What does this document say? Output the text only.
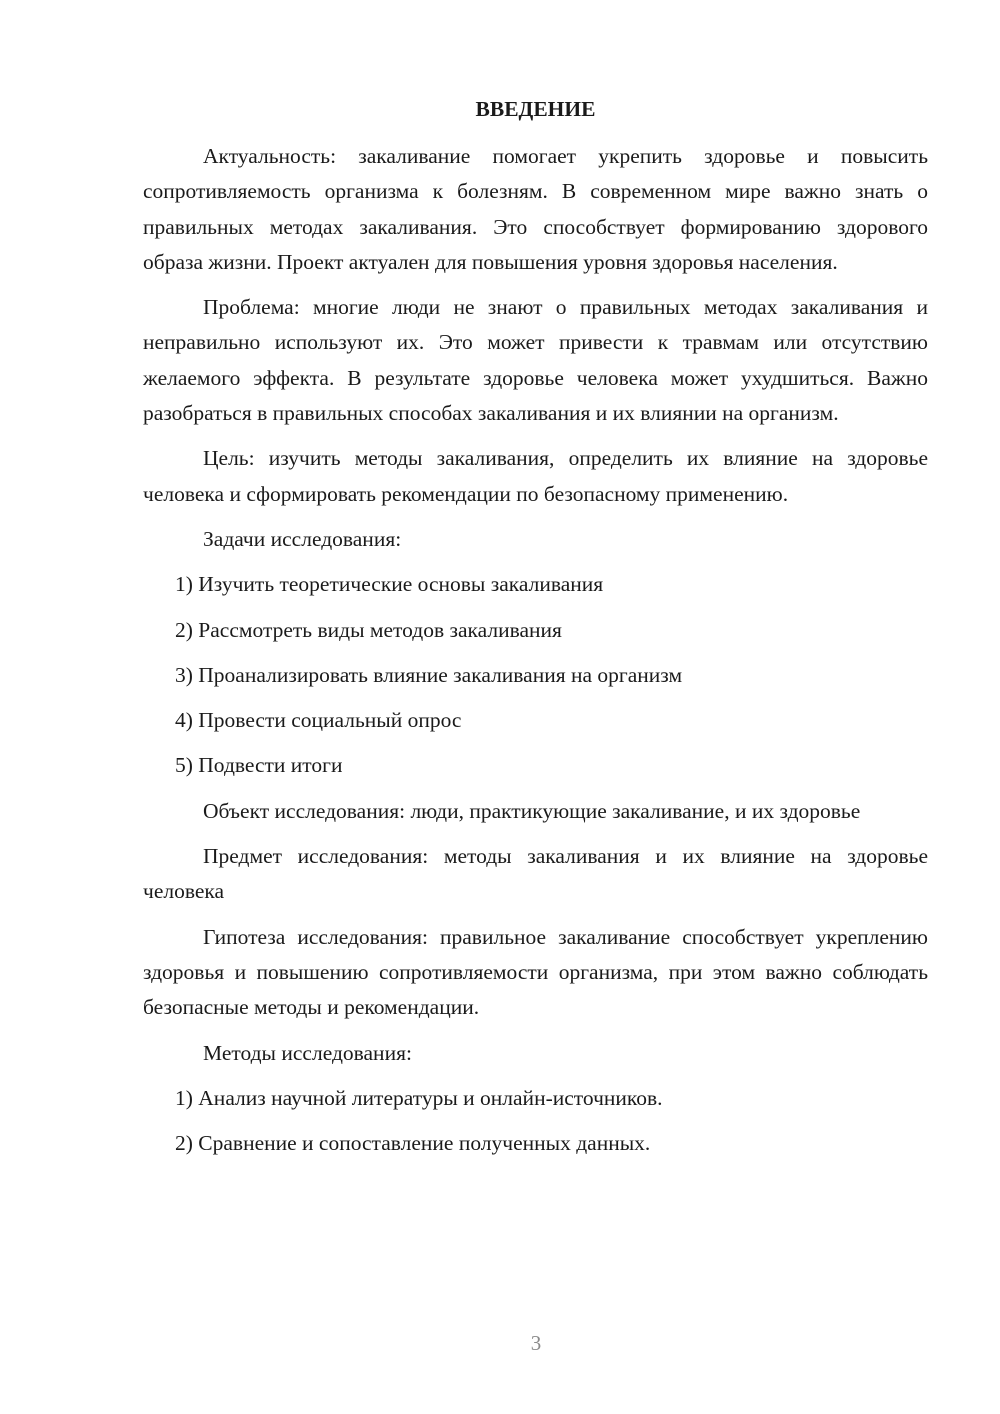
ВВЕДЕНИЕ

Актуальность: закаливание помогает укрепить здоровье и повысить сопротивляемость организма к болезням. В современном мире важно знать о правильных методах закаливания. Это способствует формированию здорового образа жизни. Проект актуален для повышения уровня здоровья населения.

Проблема: многие люди не знают о правильных методах закаливания и неправильно используют их. Это может привести к травмам или отсутствию желаемого эффекта. В результате здоровье человека может ухудшиться. Важно разобраться в правильных способах закаливания и их влиянии на организм.

Цель: изучить методы закаливания, определить их влияние на здоровье человека и сформировать рекомендации по безопасному применению.

Задачи исследования:
1) Изучить теоретические основы закаливания
2) Рассмотреть виды методов закаливания
3) Проанализировать влияние закаливания на организм
4) Провести социальный опрос
5) Подвести итоги

Объект исследования: люди, практикующие закаливание, и их здоровье

Предмет исследования: методы закаливания и их влияние на здоровье человека

Гипотеза исследования: правильное закаливание способствует укреплению здоровья и повышению сопротивляемости организма, при этом важно соблюдать безопасные методы и рекомендации.

Методы исследования:
1) Анализ научной литературы и онлайн-источников.
2) Сравнение и сопоставление полученных данных.
3
